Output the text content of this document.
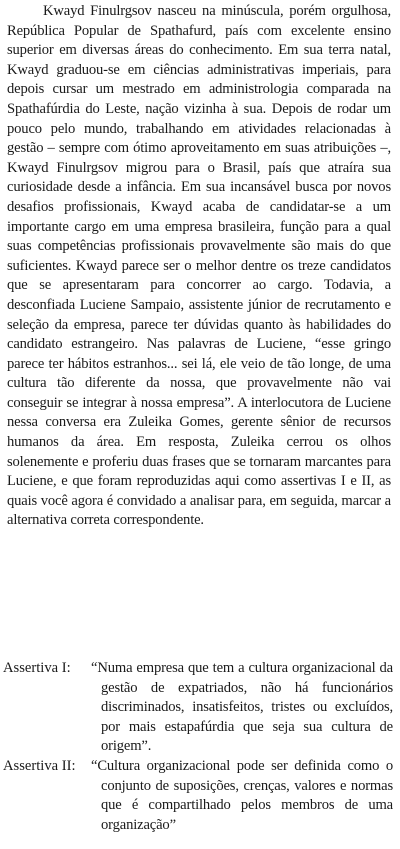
Kwayd Finulrgsov nasceu na minúscula, porém orgulhosa, República Popular de Spathafurd, país com excelente ensino superior em diversas áreas do conhecimento. Em sua terra natal, Kwayd graduou-se em ciências administrativas imperiais, para depois cursar um mestrado em administrologia comparada na Spathafúrdia do Leste, nação vizinha à sua. Depois de rodar um pouco pelo mundo, trabalhando em atividades relacionadas à gestão – sempre com ótimo aproveitamento em suas atribuições –, Kwayd Finulrgsov migrou para o Brasil, país que atraíra sua curiosidade desde a infância. Em sua incansável busca por novos desafios profissionais, Kwayd acaba de candidatar-se a um importante cargo em uma empresa brasileira, função para a qual suas competências profissionais provavelmente são mais do que suficientes. Kwayd parece ser o melhor dentre os treze candidatos que se apresentaram para concorrer ao cargo. Todavia, a desconfiada Luciene Sampaio, assistente júnior de recrutamento e seleção da empresa, parece ter dúvidas quanto às habilidades do candidato estrangeiro. Nas palavras de Luciene, “esse gringo parece ter hábitos estranhos... sei lá, ele veio de tão longe, de uma cultura tão diferente da nossa, que provavelmente não vai conseguir se integrar à nossa empresa”. A interlocutora de Luciene nessa conversa era Zuleika Gomes, gerente sênior de recursos humanos da área. Em resposta, Zuleika cerrou os olhos solenemente e proferiu duas frases que se tornaram marcantes para Luciene, e que foram reproduzidas aqui como assertivas I e II, as quais você agora é convidado a analisar para, em seguida, marcar a alternativa correta correspondente.

Assertiva I:	“Numa empresa que tem a cultura organizacional da gestão de expatriados, não há funcionários discriminados, insatisfeitos, tristes ou excluídos, por mais estapafúrdia que seja sua cultura de origem”.
Assertiva II:	“Cultura organizacional pode ser definida como o conjunto de suposições, crenças, valores e normas que é compartilhado pelos membros de uma organização”
